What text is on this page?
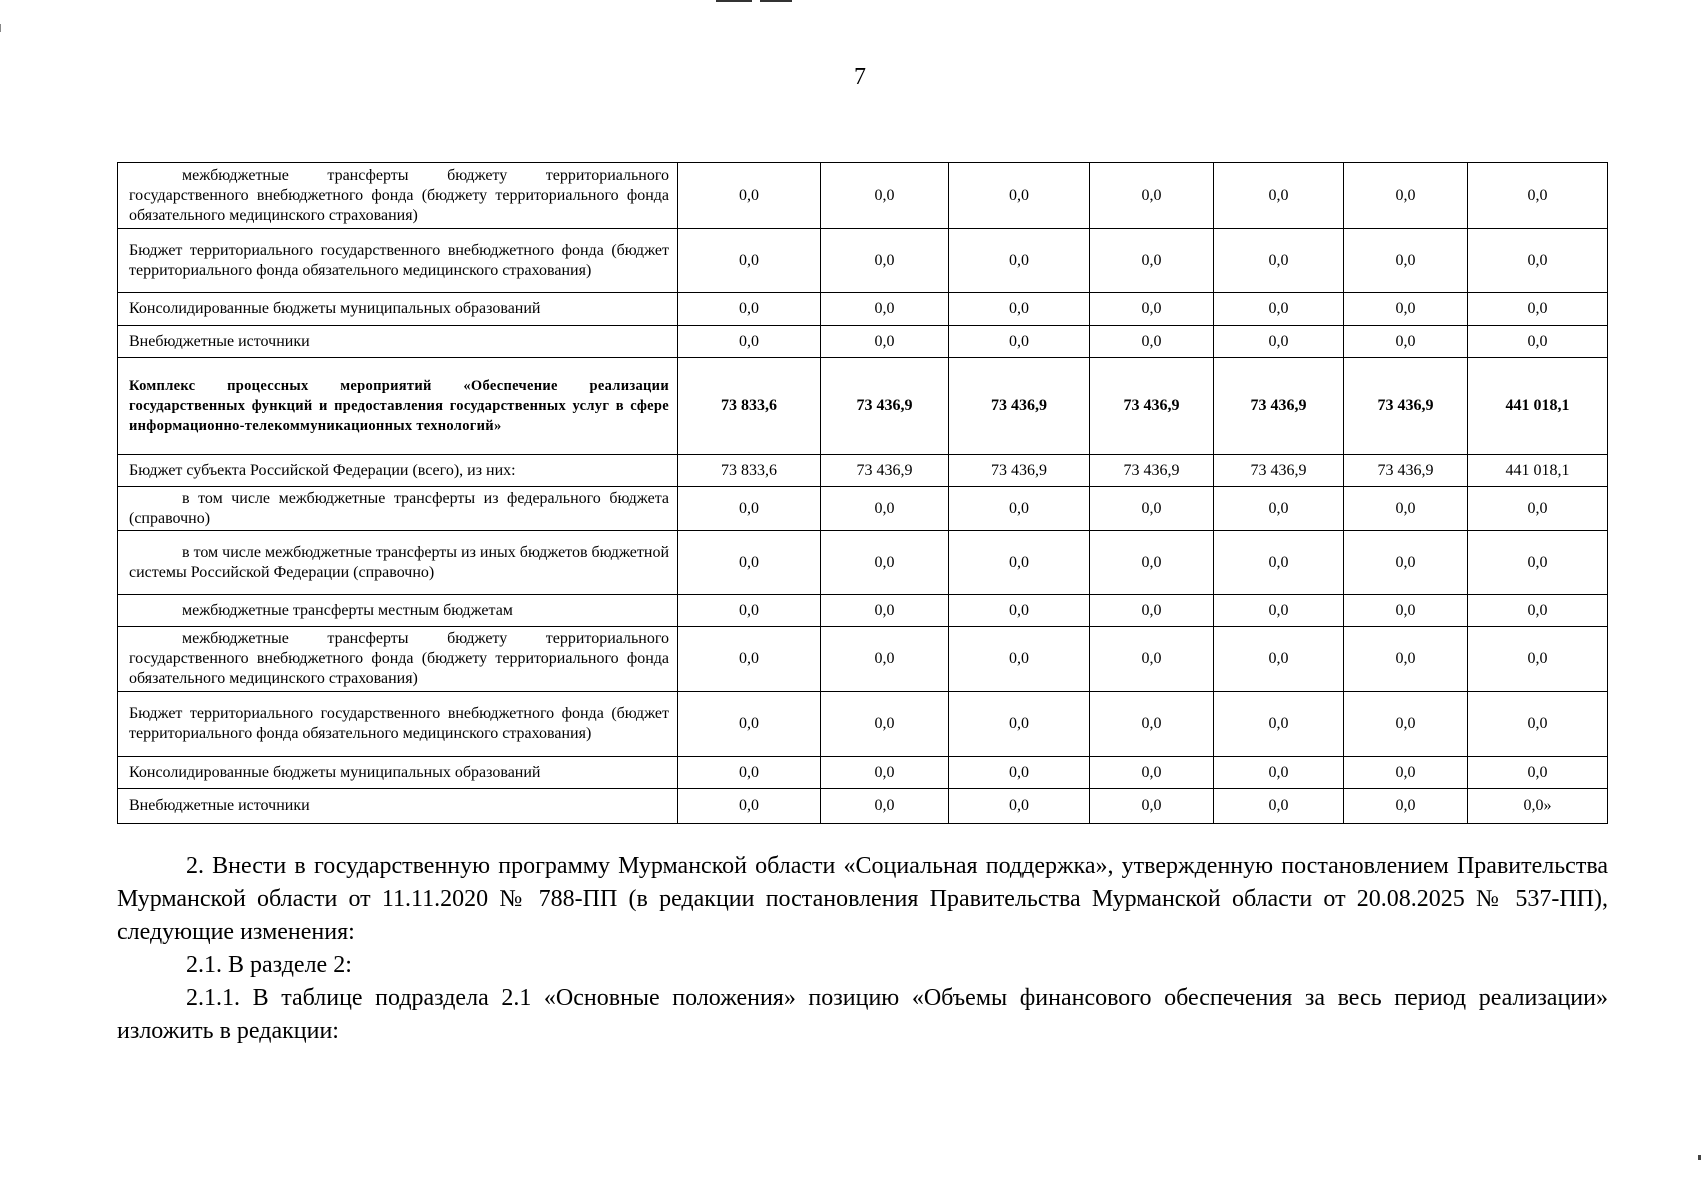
7
межбюджетные трансферты бюджету территориального государственного внебюджетного фонда (бюджету территориального фонда обязательного медицинского страхования)	0,0	0,0	0,0	0,0	0,0	0,0	0,0
Бюджет территориального государственного внебюджетного фонда (бюджет территориального фонда обязательного медицинского страхования)	0,0	0,0	0,0	0,0	0,0	0,0	0,0
Консолидированные бюджеты муниципальных образований	0,0	0,0	0,0	0,0	0,0	0,0	0,0
Внебюджетные источники	0,0	0,0	0,0	0,0	0,0	0,0	0,0
Комплекс процессных мероприятий «Обеспечение реализации государственных функций и предоставления государственных услуг в сфере информационно-телекоммуникационных технологий»	73 833,6	73 436,9	73 436,9	73 436,9	73 436,9	73 436,9	441 018,1
Бюджет субъекта Российской Федерации (всего), из них:	73 833,6	73 436,9	73 436,9	73 436,9	73 436,9	73 436,9	441 018,1
в том числе межбюджетные трансферты из федерального бюджета (справочно)	0,0	0,0	0,0	0,0	0,0	0,0	0,0
в том числе межбюджетные трансферты из иных бюджетов бюджетной системы Российской Федерации (справочно)	0,0	0,0	0,0	0,0	0,0	0,0	0,0
межбюджетные трансферты местным бюджетам	0,0	0,0	0,0	0,0	0,0	0,0	0,0
межбюджетные трансферты бюджету территориального государственного внебюджетного фонда (бюджету территориального фонда обязательного медицинского страхования)	0,0	0,0	0,0	0,0	0,0	0,0	0,0
Бюджет территориального государственного внебюджетного фонда (бюджет территориального фонда обязательного медицинского страхования)	0,0	0,0	0,0	0,0	0,0	0,0	0,0
Консолидированные бюджеты муниципальных образований	0,0	0,0	0,0	0,0	0,0	0,0	0,0
Внебюджетные источники	0,0	0,0	0,0	0,0	0,0	0,0	0,0»

2. Внести в государственную программу Мурманской области «Социальная поддержка», утвержденную постановлением Правительства Мурманской области от 11.11.2020 № 788-ПП (в редакции постановления Правительства Мурманской области от 20.08.2025 № 537-ПП), следующие изменения:

2.1. В разделе 2:

2.1.1. В таблице подраздела 2.1 «Основные положения» позицию «Объемы финансового обеспечения за весь период реализации» изложить в редакции:
